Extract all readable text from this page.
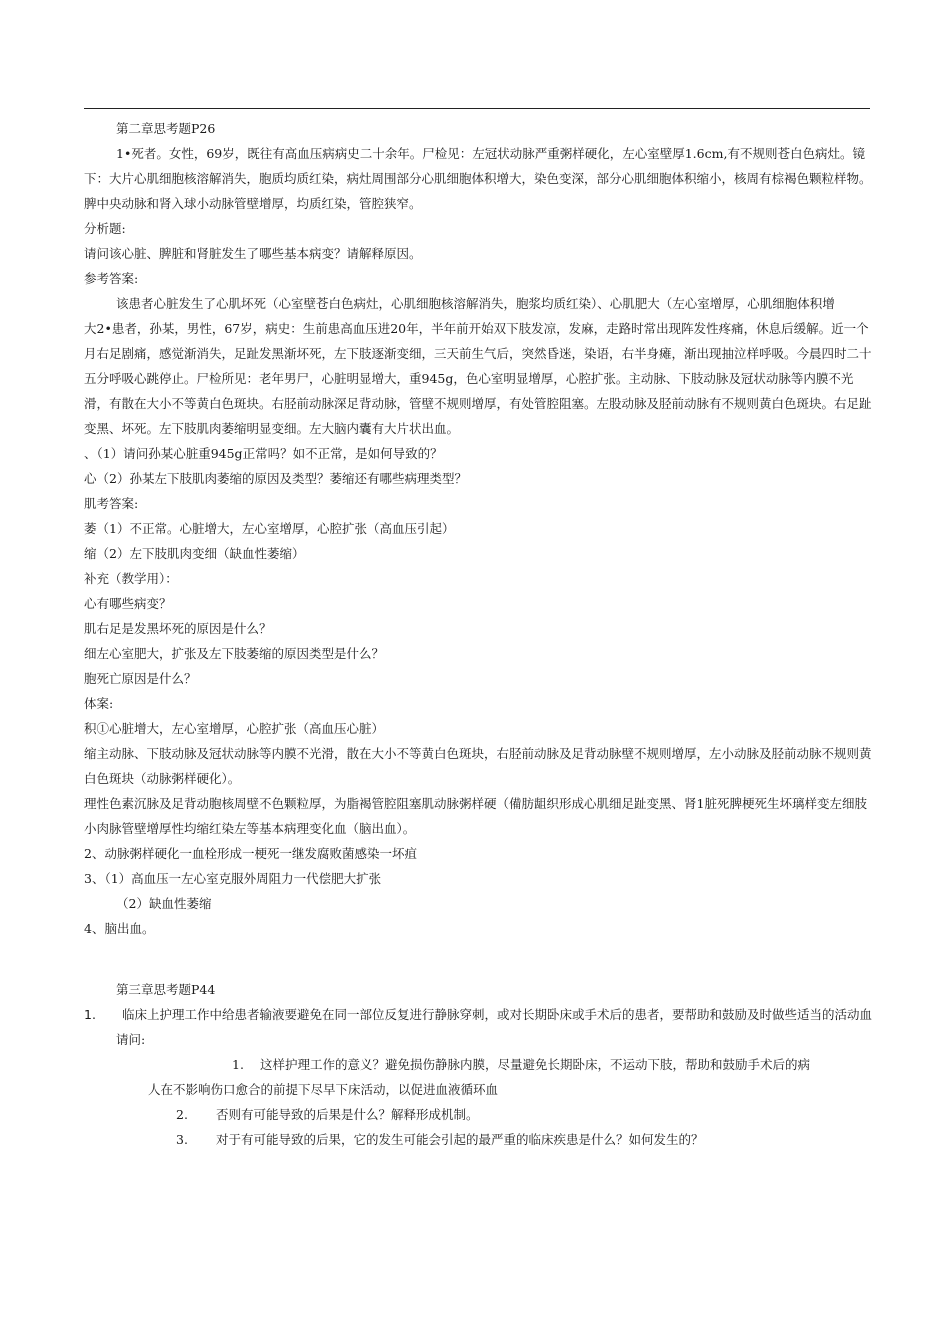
第二章思考题P26

1•死者。女性，69岁，既往有高血压病病史二十余年。尸检见：左冠状动脉严重粥样硬化，左心室壁厚1.6cm,有不规则苍白色病灶。镜下：大片心肌细胞核溶解消失，胞质均质红染，病灶周围部分心肌细胞体积增大，染色变深，部分心肌细胞体积缩小，核周有棕褐色颗粒样物。脾中央动脉和肾入球小动脉管壁增厚，均质红染，管腔狭窄。

分析题:

请问该心脏、脾脏和肾脏发生了哪些基本病变？请解释原因。

参考答案:

该患者心脏发生了心肌坏死（心室壁苍白色病灶，心肌细胞核溶解消失，胞浆均质红染）、心肌肥大（左心室增厚，心肌细胞体积增

大2•患者，孙某，男性，67岁，病史：生前患高血压进20年，半年前开始双下肢发凉，发麻，走路时常出现阵发性疼痛，休息后缓解。近一个月右足剧痛，感觉渐消失，足趾发黑渐坏死，左下肢逐渐变细，三天前生气后，突然昏迷，染语，右半身瘫，渐出现抽泣样呼吸。今晨四时二十五分呼吸心跳停止。尸检所见：老年男尸，心脏明显增大，重945g，色心室明显增厚，心腔扩张。主动脉、下肢动脉及冠状动脉等内膜不光滑，有散在大小不等黄白色斑块。右胫前动脉深足背动脉，管壁不规则增厚，有处管腔阻塞。左股动脉及胫前动脉有不规则黄白色斑块。右足趾变黑、坏死。左下肢肌肉萎缩明显变细。左大脑内囊有大片状出血。

、（1）请问孙某心脏重945g正常吗？如不正常，是如何导致的？

心（2）孙某左下肢肌肉萎缩的原因及类型？萎缩还有哪些病理类型？

肌考答案:

萎（1）不正常。心脏增大，左心室增厚，心腔扩张（高血压引起）

缩（2）左下肢肌肉变细（缺血性萎缩）

补充（教学用）：

心有哪些病变？

肌右足是发黑坏死的原因是什么？

细左心室肥大，扩张及左下肢萎缩的原因类型是什么？

胞死亡原因是什么？

体案:

积①心脏增大，左心室增厚，心腔扩张（高血压心脏）

缩主动脉、下肢动脉及冠状动脉等内膜不光滑，散在大小不等黄白色斑块，右胫前动脉及足背动脉壁不规则增厚，左小动脉及胫前动脉不规则黄白色斑块（动脉粥样硬化）。

理性色素沉脉及足背动胞核周壁不色颗粒厚，为脂褐管腔阻塞肌动脉粥样硬（備肪龃织形成心肌细足趾变黑、肾1脏死脾梗死生坏璃样变左细肢小肉脉管壁增厚性均缩红染左等基本病理变化血（脑出血）。

2、动脉粥样硬化一血栓形成一梗死一继发腐败菌感染一坏疽

3、（1）高血压一左心室克服外周阻力一代偿肥大扩张

（2）缺血性萎缩

4、脑出血。

第三章思考题P44

1.	临床上护理工作中给患者输液要避免在同一部位反复进行静脉穿刺，或对长期卧床或手术后的患者，要帮助和鼓励及时做些适当的活动血

请问:

1. 这样护理工作的意义？避免损伤静脉内膜，尽量避免长期卧床，不运动下肢，帮助和鼓励手术后的病

人在不影响伤口愈合的前提下尽早下床活动，以促进血液循环血

2.	否则有可能导致的后果是什么？解释形成机制。

3.	对于有可能导致的后果，它的发生可能会引起的最严重的临床疾患是什么？如何发生的？
